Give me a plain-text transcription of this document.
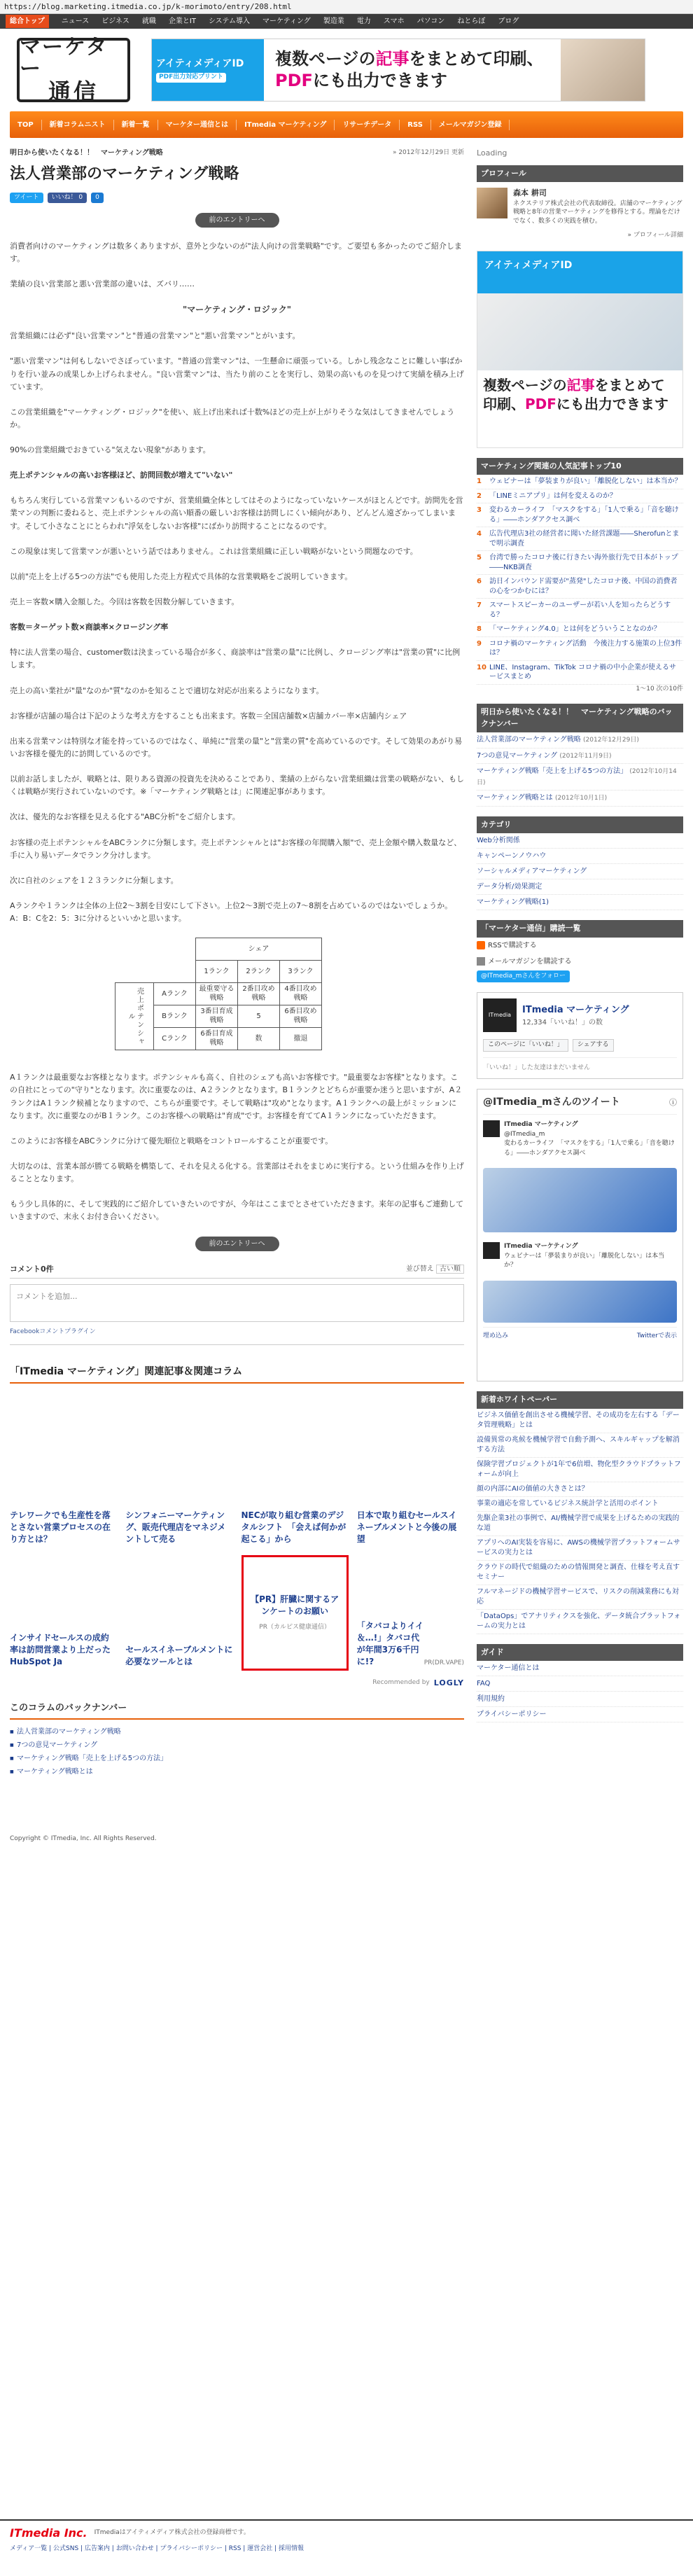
https://blog.marketing.itmedia.co.jp/k-morimoto/entry/208.html
総合トップ	ニュース ビジネス 就職 企業とIT システム導入 マーケティング 製造業 電力 スマホ パソコン ねとらぼ ブログ
マーケター
通信
アイティメディアID
PDF出力対応プリント
複数ページの記事をまとめて印刷、
PDFにも出力できます
TOP	新着コラムニスト	新着一覧	マーケター通信とは	ITmedia マーケティング	リサーチデータ	RSS	メールマガジン登録
明日から使いたくなる！！　マーケティング戦略	» 2012年12月29日 更新
法人営業部のマーケティング戦略
ツイート	いいね！ 0	0
前のエントリーへ

消費者向けのマーケティングは数多くありますが、意外と少ないのが"法人向けの営業戦略"です。ご要望も多かったのでご紹介します。

業績の良い営業部と悪い営業部の違いは、ズバリ……

"マーケティング・ロジック"

営業組織には必ず"良い営業マン"と"普通の営業マン"と"悪い営業マン"とがいます。

"悪い営業マン"は何もしないでさぼっています。"普通の営業マン"は、一生懸命に頑張っている。しかし残念なことに難しい事ばかりを行い並みの成果しか上げられません。"良い営業マン"は、当たり前のことを実行し、効果の高いものを見つけて実績を積み上げています。

この営業組織を"マーケティング・ロジック"を使い、底上げ出来れば十数%ほどの売上が上がりそうな気はしてきませんでしょうか。

90%の営業組織でおきている"気えない現象"があります。

売上ポテンシャルの高いお客様ほど、訪問回数が増えて"いない"

もちろん実行している営業マンもいるのですが、営業組織全体としてはそのようになっていないケースがほとんどです。訪問先を営業マンの判断に委ねると、売上ポテンシャルの高い順番の厳しいお客様は訪問しにくい傾向があり、どんどん遠ざかってしまいます。そして小さなことにとらわれ"浮気をしないお客様"にばかり訪問することになるのです。

この現象は実して営業マンが悪いという話ではありません。これは営業組織に正しい戦略がないという問題なのです。

以前"売上を上げる5つの方法"でも使用した売上方程式で具体的な営業戦略をご説明していきます。

売上＝客数×購入金額した。今回は客数を因数分解していきます。

客数＝ターゲット数×商談率×クロージング率

特に法人営業の場合、customer数は決まっている場合が多く、商談率は"営業の量"に比例し、クロージング率は"営業の質"に比例します。

売上の高い業社が"量"なのか"質"なのかを知ることで適切な対応が出来るようになります。

お客様が店舗の場合は下記のような考え方をすることも出来ます。客数＝全国店舗数×店舗カバー率×店舗内シェア

出来る営業マンは特別な才能を持っているのではなく、単純に"営業の量"と"営業の質"を高めているのです。そして効果のあがり易いお客様を優先的に訪問しているのです。

以前お話しましたが、戦略とは、限りある資源の投資先を決めることであり、業績の上がらない営業組織は営業の戦略がない、もしくは戦略が実行されていないのです。※「マーケティング戦略とは」に関連記事があります。

次は、優先的なお客様を見える化する"ABC分析"をご紹介します。

お客様の売上ポテンシャルをABCランクに分類します。売上ポテンシャルとは"お客様の年間購入額"で、売上金額や購入数量など、手に入り易いデータでランク分けします。

次に自社のシェアを１２３ランクに分類します。

Aランクや１ランクは全体の上位2～3割を目安にして下さい。上位2～3割で売上の7～8割を占めているのではないでしょうか。A：B：Cを2：5：3に分けるといいかと思います。

		シェア		
		1ランク	2ランク	3ランク
売上ポテンシャル	Aランク	最重要守る戦略	2番目攻め戦略	4番目攻め戦略
	Bランク	3番目育成戦略	5	6番目攻め戦略
	Cランク	6番目育成戦略	数	撤退

A１ランクは最重要なお客様となります。ポテンシャルも高く、自社のシェアも高いお客様です。"最重要なお客様"となります。この自社にとっての"守り"となります。次に重要なのは、A２ランクとなります。B１ランクとどちらが重要か迷うと思いますが、A２ランクはA１ランク候補となりますので、こちらが重要です。そして戦略は"攻め"となります。A１ランクへの最上がミッションになります。次に重要なのがB１ランク。このお客様への戦略は"育成"です。お客様を育ててA１ランクになっていただきます。

このようにお客様をABCランクに分けて優先順位と戦略をコントロールすることが重要です。

大切なのは、営業本部が勝てる戦略を構築して、それを見える化する。営業部はそれをまじめに実行する。という仕組みを作り上げることとなります。

もう少し具体的に、そして実践的にご紹介していきたいのですが、今年はここまでとさせていただきます。来年の記事もご連動していきますので、末永くお付き合いください。

前のエントリーへ
コメント0件	並び替え 古い順
コメントを追加...
Facebookコメントプラグイン
「ITmedia マーケティング」関連記事＆関連コラム
テレワークでも生産性を落とさない営業プロセスの在り方とは？
シンフォニーマーケティング、販売代理店をマネジメントして売る
NECが取り組む営業のデジタルシフト　「会えば何かが起こる」から
日本で取り組むセールスイネーブルメントと今後の展望
インサイドセールスの成約率は訪問営業より上だった　HubSpot Ja
セールスイネーブルメントに必要なツールとは
【PR】肝臓に関するアンケートのお願い
PR（カルピス健康通信）	「タバコよりイイ＆…!」タバコ代が年間3万6千円に!?	PR(DR.VAPE)
Recommended by LOGLY
このコラムのバックナンバー
■ 法人営業部のマーケティング戦略
■ 7つの意見マーケティング
■ マーケティング戦略「売上を上げる5つの方法」
■ マーケティング戦略とは
Copyright © ITmedia, Inc. All Rights Reserved.
Loading
プロフィール
森本 耕司
ネクステリア株式会社の代表取締役。店舗のマーケティング戦略と8年の営業マーケティングを修得とする。理論をだけでなく、数多くの実践を積む。
» プロフィール詳細
アイティメディアID
複数ページの記事をまとめて印刷、PDFにも出力できます
マーケティング関連の人気記事トップ10
1	ウェビナーは「夢装まりが良い」「離脱化しない」は本当か？
2	「LINEミニアプリ」は何を変えるのか？
3	変わるカーライフ　「マスクをする」「1人で乗る」「音を聴ける」――ホンダアクセス調べ
4	広告代理店3社の経営者に聞いた経営課題――Sherofunとまで明示調査
5	台湾で勝ったコロナ後に行きたい海外旅行先で日本がトップ――NKB調査
6	訪日インバウンド需要が"蒸発"したコロナ後、中国の消費者の心をつかむには？
7	スマートスピーカーのユーザーが若い人を知ったらどうする？
8	「マーケティング4.0」とは何をどういうことなのか？
9	コロナ禍のマーケティング活動　今後注力する施策の上位3件は？
10 LINE、Instagram、TikTok コロナ禍の中小企業が使えるサービスまとめ
1～10 次の10件
明日から使いたくなる！！　マーケティング戦略のバックナンバー
法人営業部のマーケティング戦略 (2012年12月29日)
7つの意見マーケティング (2012年11月9日)
マーケティング戦略「売上を上げる5つの方法」 (2012年10月14日)
マーケティング戦略とは (2012年10月1日)
カテゴリ
Web分析関係
キャンペーンノウハウ
ソーシャルメディアマーケティング
データ分析/効果測定
マーケティング戦略(1)
「マーケター通信」購読一覧
RSSで購読する
メールマガジンを購読する
@ITmedia_mさんをフォロー
ITmedia	ITmedia マーケティング
12,334「いいね！」の数
このページに「いいね！」	シェアする
「いいね！」した友達はまだいません
@ITmedia_mさんのツイート	ⓘ
ITmedia マーケティング
@ITmedia_m
変わるカーライフ　「マスクをする」「1人で乗る」「音を聴ける」――ホンダアクセス調べ
ITmedia マーケティング

ウェビナーは「夢装まりが良い」「離脱化しない」は本当か？
埋め込み	Twitterで表示
新着ホワイトペーパー
ビジネス価値を創出させる機械学習、その成功を左右する「データ管理戦略」とは
設備異常の兆候を機械学習で自動予測へ、スキルギャップを解消する方法
保険学習プロジェクトが1年で6倍増、物化型クラウドプラットフォームが向上
顔の内部にAIの価値の大きさとは？
事業の適応を常しているビジネス統計学と活用のポイント
先駆企業3社の事例で、AI/機械学習で成果を上げるための実践的な道
アプリへのAI実装を容易に、AWSの機械学習プラットフォームサービスの実力とは
クラウドの時代で組織のための情報開発と調査、仕様を考え直すセミナー
フルマネージドの機械学習サービスで、リスクの削減業務にも対応
「DataOps」でアナリティクスを強化、データ統合プラットフォームの実力とは
ガイド
マーケター通信とは
FAQ
利用規約
プライバシーポリシー
ITmedia Inc. ITmediaはアイティメディア株式会社の登録商標です。
メディア一覧 | 公式SNS | 広告案内 | お問い合わせ | プライバシーポリシー | RSS | 運営会社 | 採用情報
